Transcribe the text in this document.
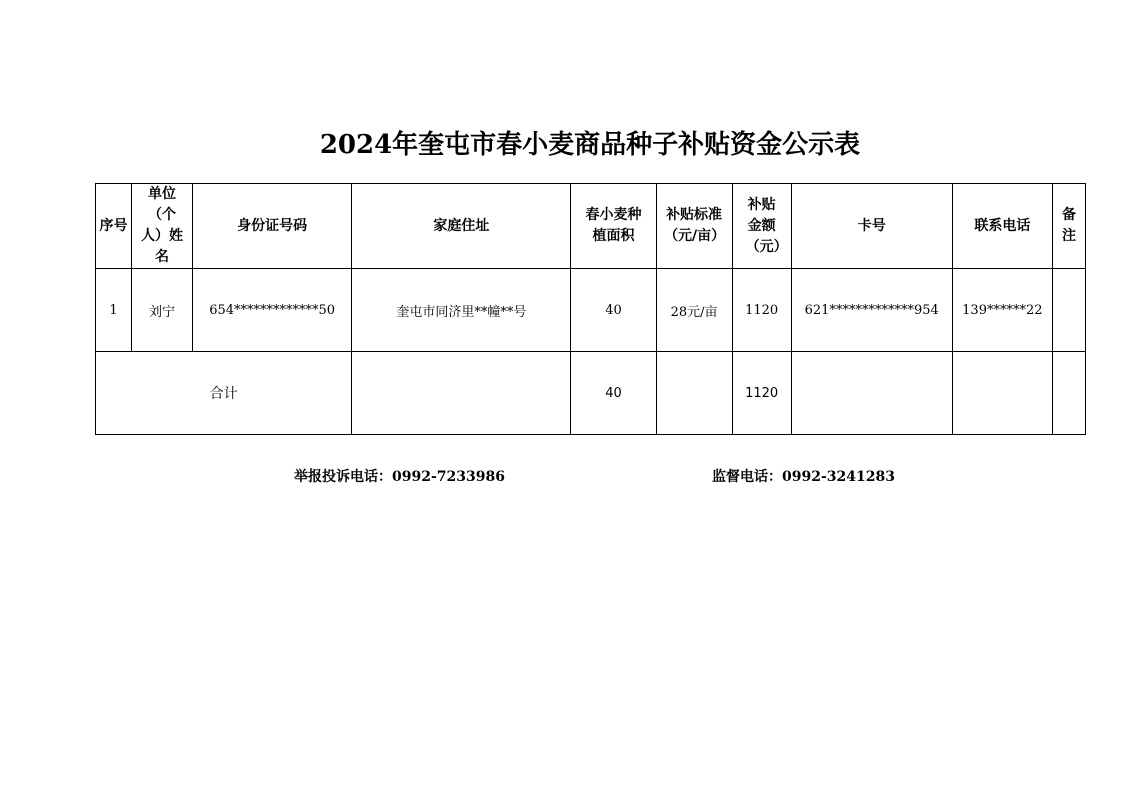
2024年奎屯市春小麦商品种子补贴资金公示表
序号	单位（个人）姓名	身份证号码	家庭住址	春小麦种植面积	补贴标准（元/亩）	补贴金额（元）	卡号	联系电话	备注
1	刘宁	654*************50	奎屯市同济里**幢**号	40	28元/亩	1120	621*************954	139******22	
合计				40		1120			
举报投诉电话：0992-7233986	监督电话：0992-3241283
